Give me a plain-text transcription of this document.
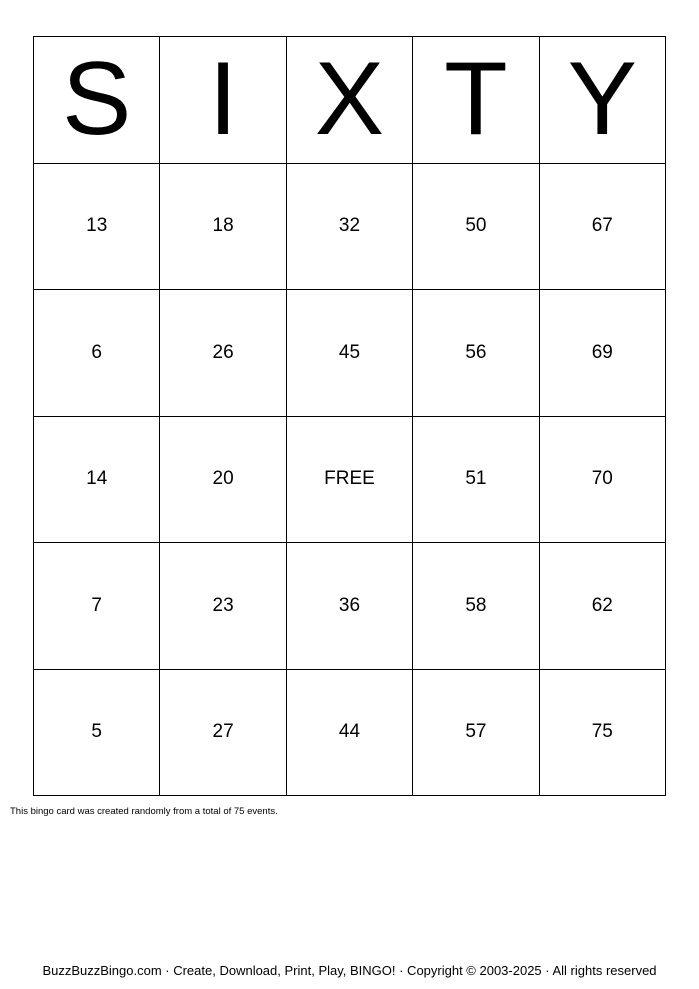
S I X T Y
13	18	32	50	67
6	26	45	56	69
14	20	FREE	51	70
7	23	36	58	62
5	27	44	57	75
This bingo card was created randomly from a total of 75 events.
BuzzBuzzBingo.com · Create, Download, Print, Play, BINGO! · Copyright © 2003-2025 · All rights reserved
